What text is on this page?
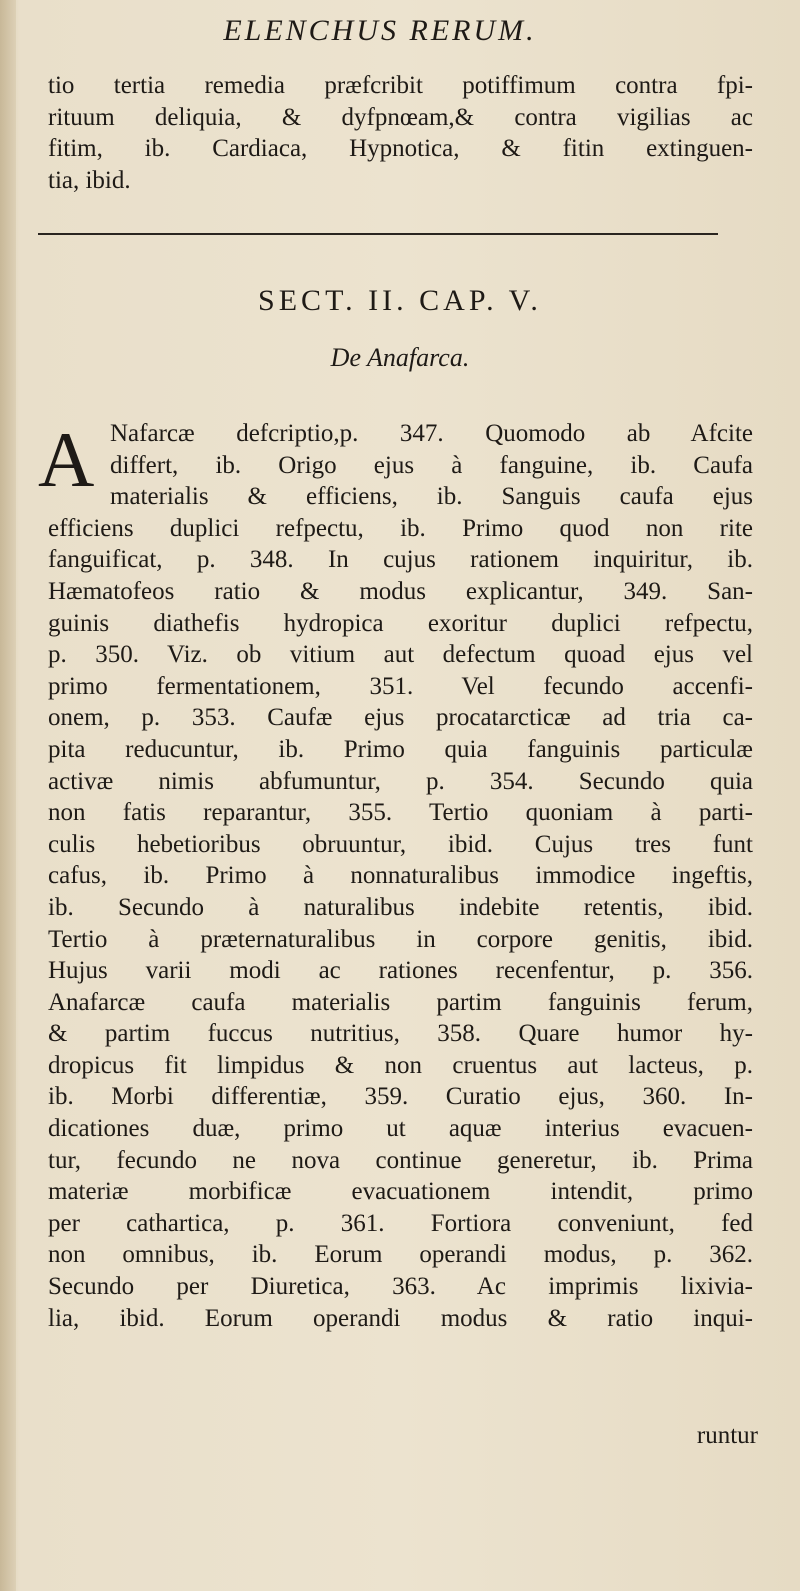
ELENCHUS RERUM.
tio tertia remedia præfcribit potiffimum contra fpi-
rituum deliquia, & dyfpnœam,& contra vigilias ac
fitim, ib. Cardiaca, Hypnotica, & fitin extinguen-
tia, ibid.
SECT. II. CAP. V.
De Anafarca.
A Nafarcæ defcriptio,p. 347. Quomodo ab Afcite
differt, ib. Origo ejus à fanguine, ib. Caufa
materialis & efficiens, ib. Sanguis caufa ejus
efficiens duplici refpectu, ib. Primo quod non rite
fanguificat, p. 348. In cujus rationem inquiritur, ib.
Hæmatofeos ratio & modus explicantur, 349. San-
guinis diathefis hydropica exoritur duplici refpectu,
p. 350. Viz. ob vitium aut defectum quoad ejus vel
primo fermentationem, 351. Vel fecundo accenfi-
onem, p. 353. Caufæ ejus procatarcticæ ad tria ca-
pita reducuntur, ib. Primo quia fanguinis particulæ
activæ nimis abfumuntur, p. 354. Secundo quia
non fatis reparantur, 355. Tertio quoniam à parti-
culis hebetioribus obruuntur, ibid. Cujus tres funt
cafus, ib. Primo à nonnaturalibus immodice ingeftis,
ib. Secundo à naturalibus indebite retentis, ibid.
Tertio à præternaturalibus in corpore genitis, ibid.
Hujus varii modi ac rationes recenfentur, p. 356.
Anafarcæ caufa materialis partim fanguinis ferum,
& partim fuccus nutritius, 358. Quare humor hy-
dropicus fit limpidus & non cruentus aut lacteus, p.
ib. Morbi differentiæ, 359. Curatio ejus, 360. In-
dicationes duæ, primo ut aquæ interius evacuen-
tur, fecundo ne nova continue generetur, ib. Prima
materiæ morbificæ evacuationem intendit, primo
per cathartica, p. 361. Fortiora conveniunt, fed
non omnibus, ib. Eorum operandi modus, p. 362.
Secundo per Diuretica, 363. Ac imprimis lixivia-
lia, ibid. Eorum operandi modus & ratio inqui-
runtur
